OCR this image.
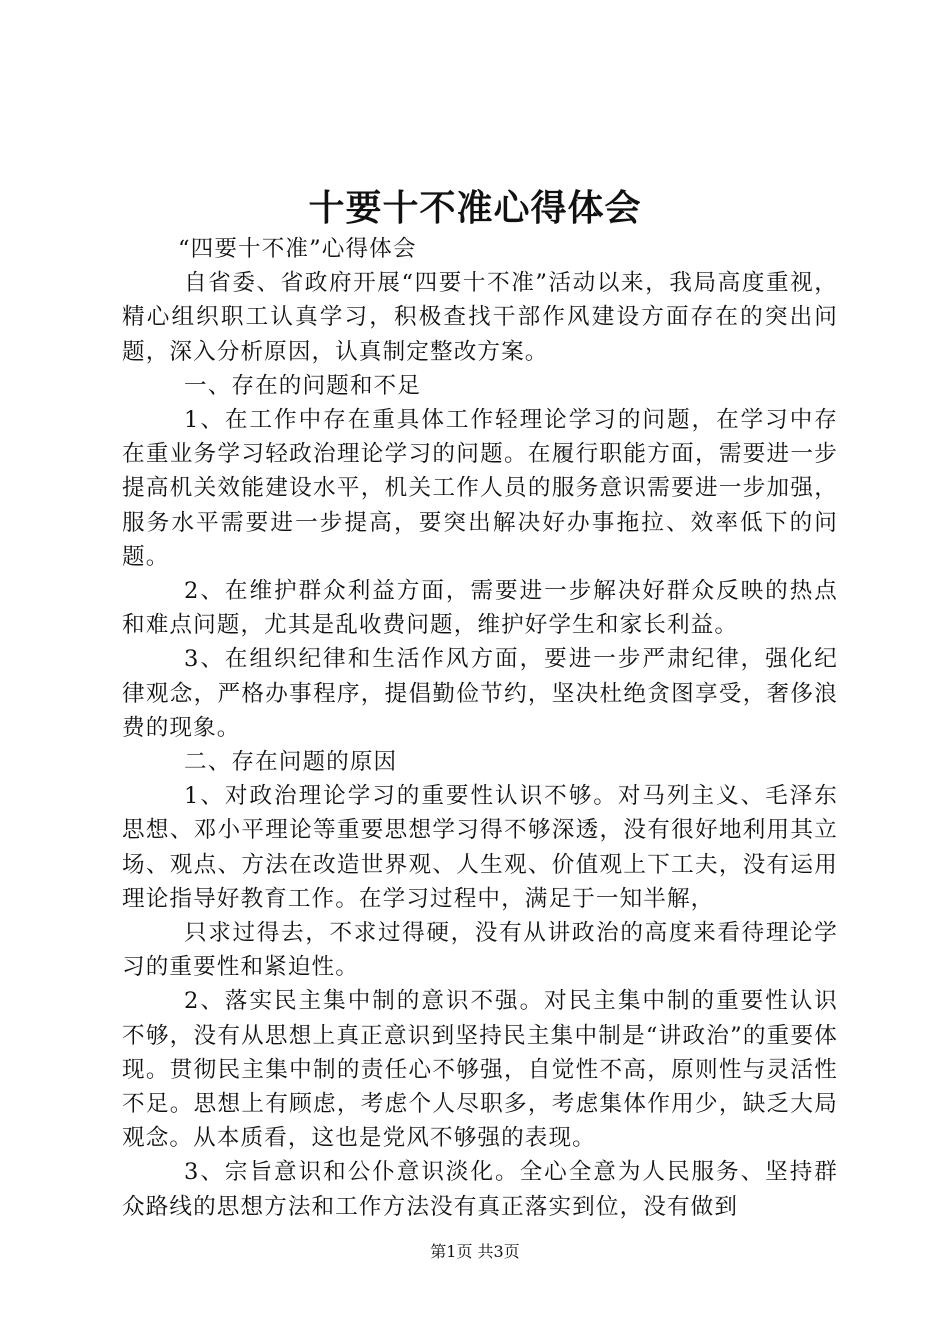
十要十不准心得体会

“四要十不准”心得体会

自省委、省政府开展“四要十不准”活动以来，我局高度重视，精心组织职工认真学习，积极查找干部作风建设方面存在的突出问题，深入分析原因，认真制定整改方案。

一、存在的问题和不足

1、在工作中存在重具体工作轻理论学习的问题，在学习中存在重业务学习轻政治理论学习的问题。在履行职能方面，需要进一步提高机关效能建设水平，机关工作人员的服务意识需要进一步加强，服务水平需要进一步提高，要突出解决好办事拖拉、效率低下的问题。

2、在维护群众利益方面，需要进一步解决好群众反映的热点和难点问题，尤其是乱收费问题，维护好学生和家长利益。

3、在组织纪律和生活作风方面，要进一步严肃纪律，强化纪律观念，严格办事程序，提倡勤俭节约，坚决杜绝贪图享受，奢侈浪费的现象。

二、存在问题的原因

1、对政治理论学习的重要性认识不够。对马列主义、毛泽东思想、邓小平理论等重要思想学习得不够深透，没有很好地利用其立场、观点、方法在改造世界观、人生观、价值观上下工夫，没有运用理论指导好教育工作。在学习过程中，满足于一知半解，

只求过得去，不求过得硬，没有从讲政治的高度来看待理论学习的重要性和紧迫性。

2、落实民主集中制的意识不强。对民主集中制的重要性认识不够，没有从思想上真正意识到坚持民主集中制是“讲政治”的重要体现。贯彻民主集中制的责任心不够强，自觉性不高，原则性与灵活性不足。思想上有顾虑，考虑个人尽职多，考虑集体作用少，缺乏大局观念。从本质看，这也是党风不够强的表现。

3、宗旨意识和公仆意识淡化。全心全意为人民服务、坚持群众路线的思想方法和工作方法没有真正落实到位，没有做到

第1页 共3页
